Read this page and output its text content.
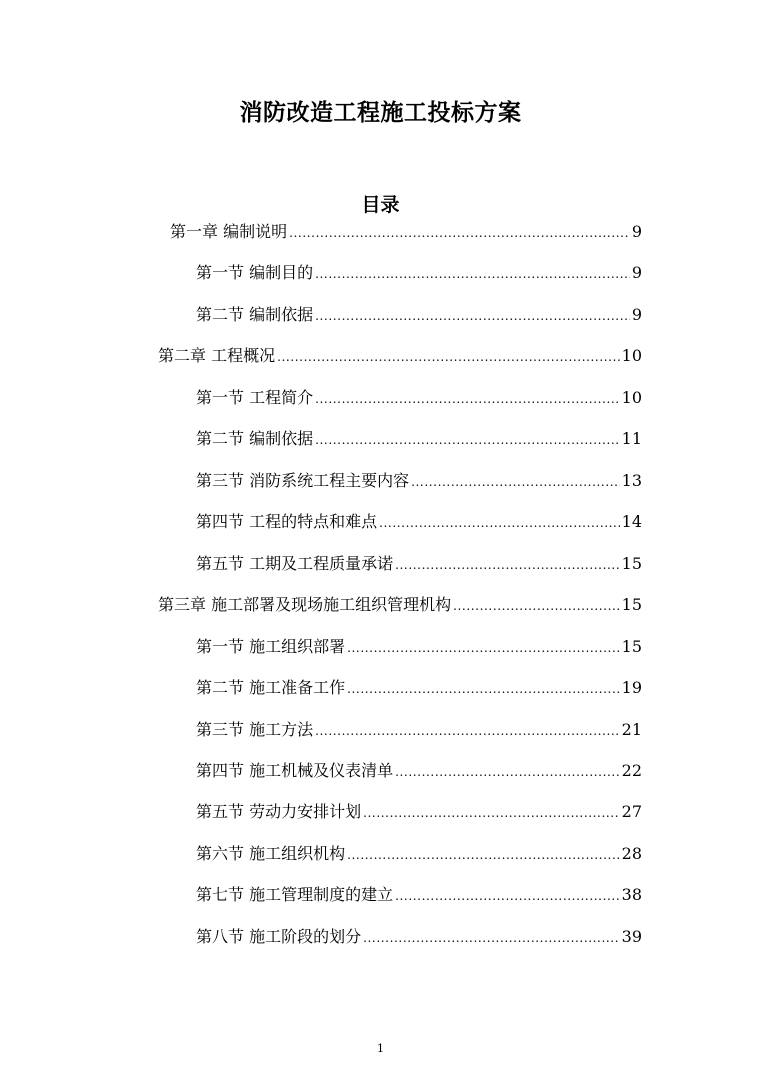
消防改造工程施工投标方案
目录
第一章 编制说明 .....	9
第一节 编制目的 .....	9
第二节 编制依据 .....	9
第二章 工程概况 .....	10
第一节 工程简介 .....	10
第二节 编制依据 .....	11
第三节 消防系统工程主要内容 .....	13
第四节 工程的特点和难点 .....	14
第五节 工期及工程质量承诺 .....	15
第三章 施工部署及现场施工组织管理机构 .....	15
第一节 施工组织部署 .....	15
第二节 施工准备工作 .....	19
第三节 施工方法 .....	21
第四节 施工机械及仪表清单 .....	22
第五节 劳动力安排计划 .....	27
第六节 施工组织机构 .....	28
第七节 施工管理制度的建立 .....	38
第八节 施工阶段的划分 .....	39
1
